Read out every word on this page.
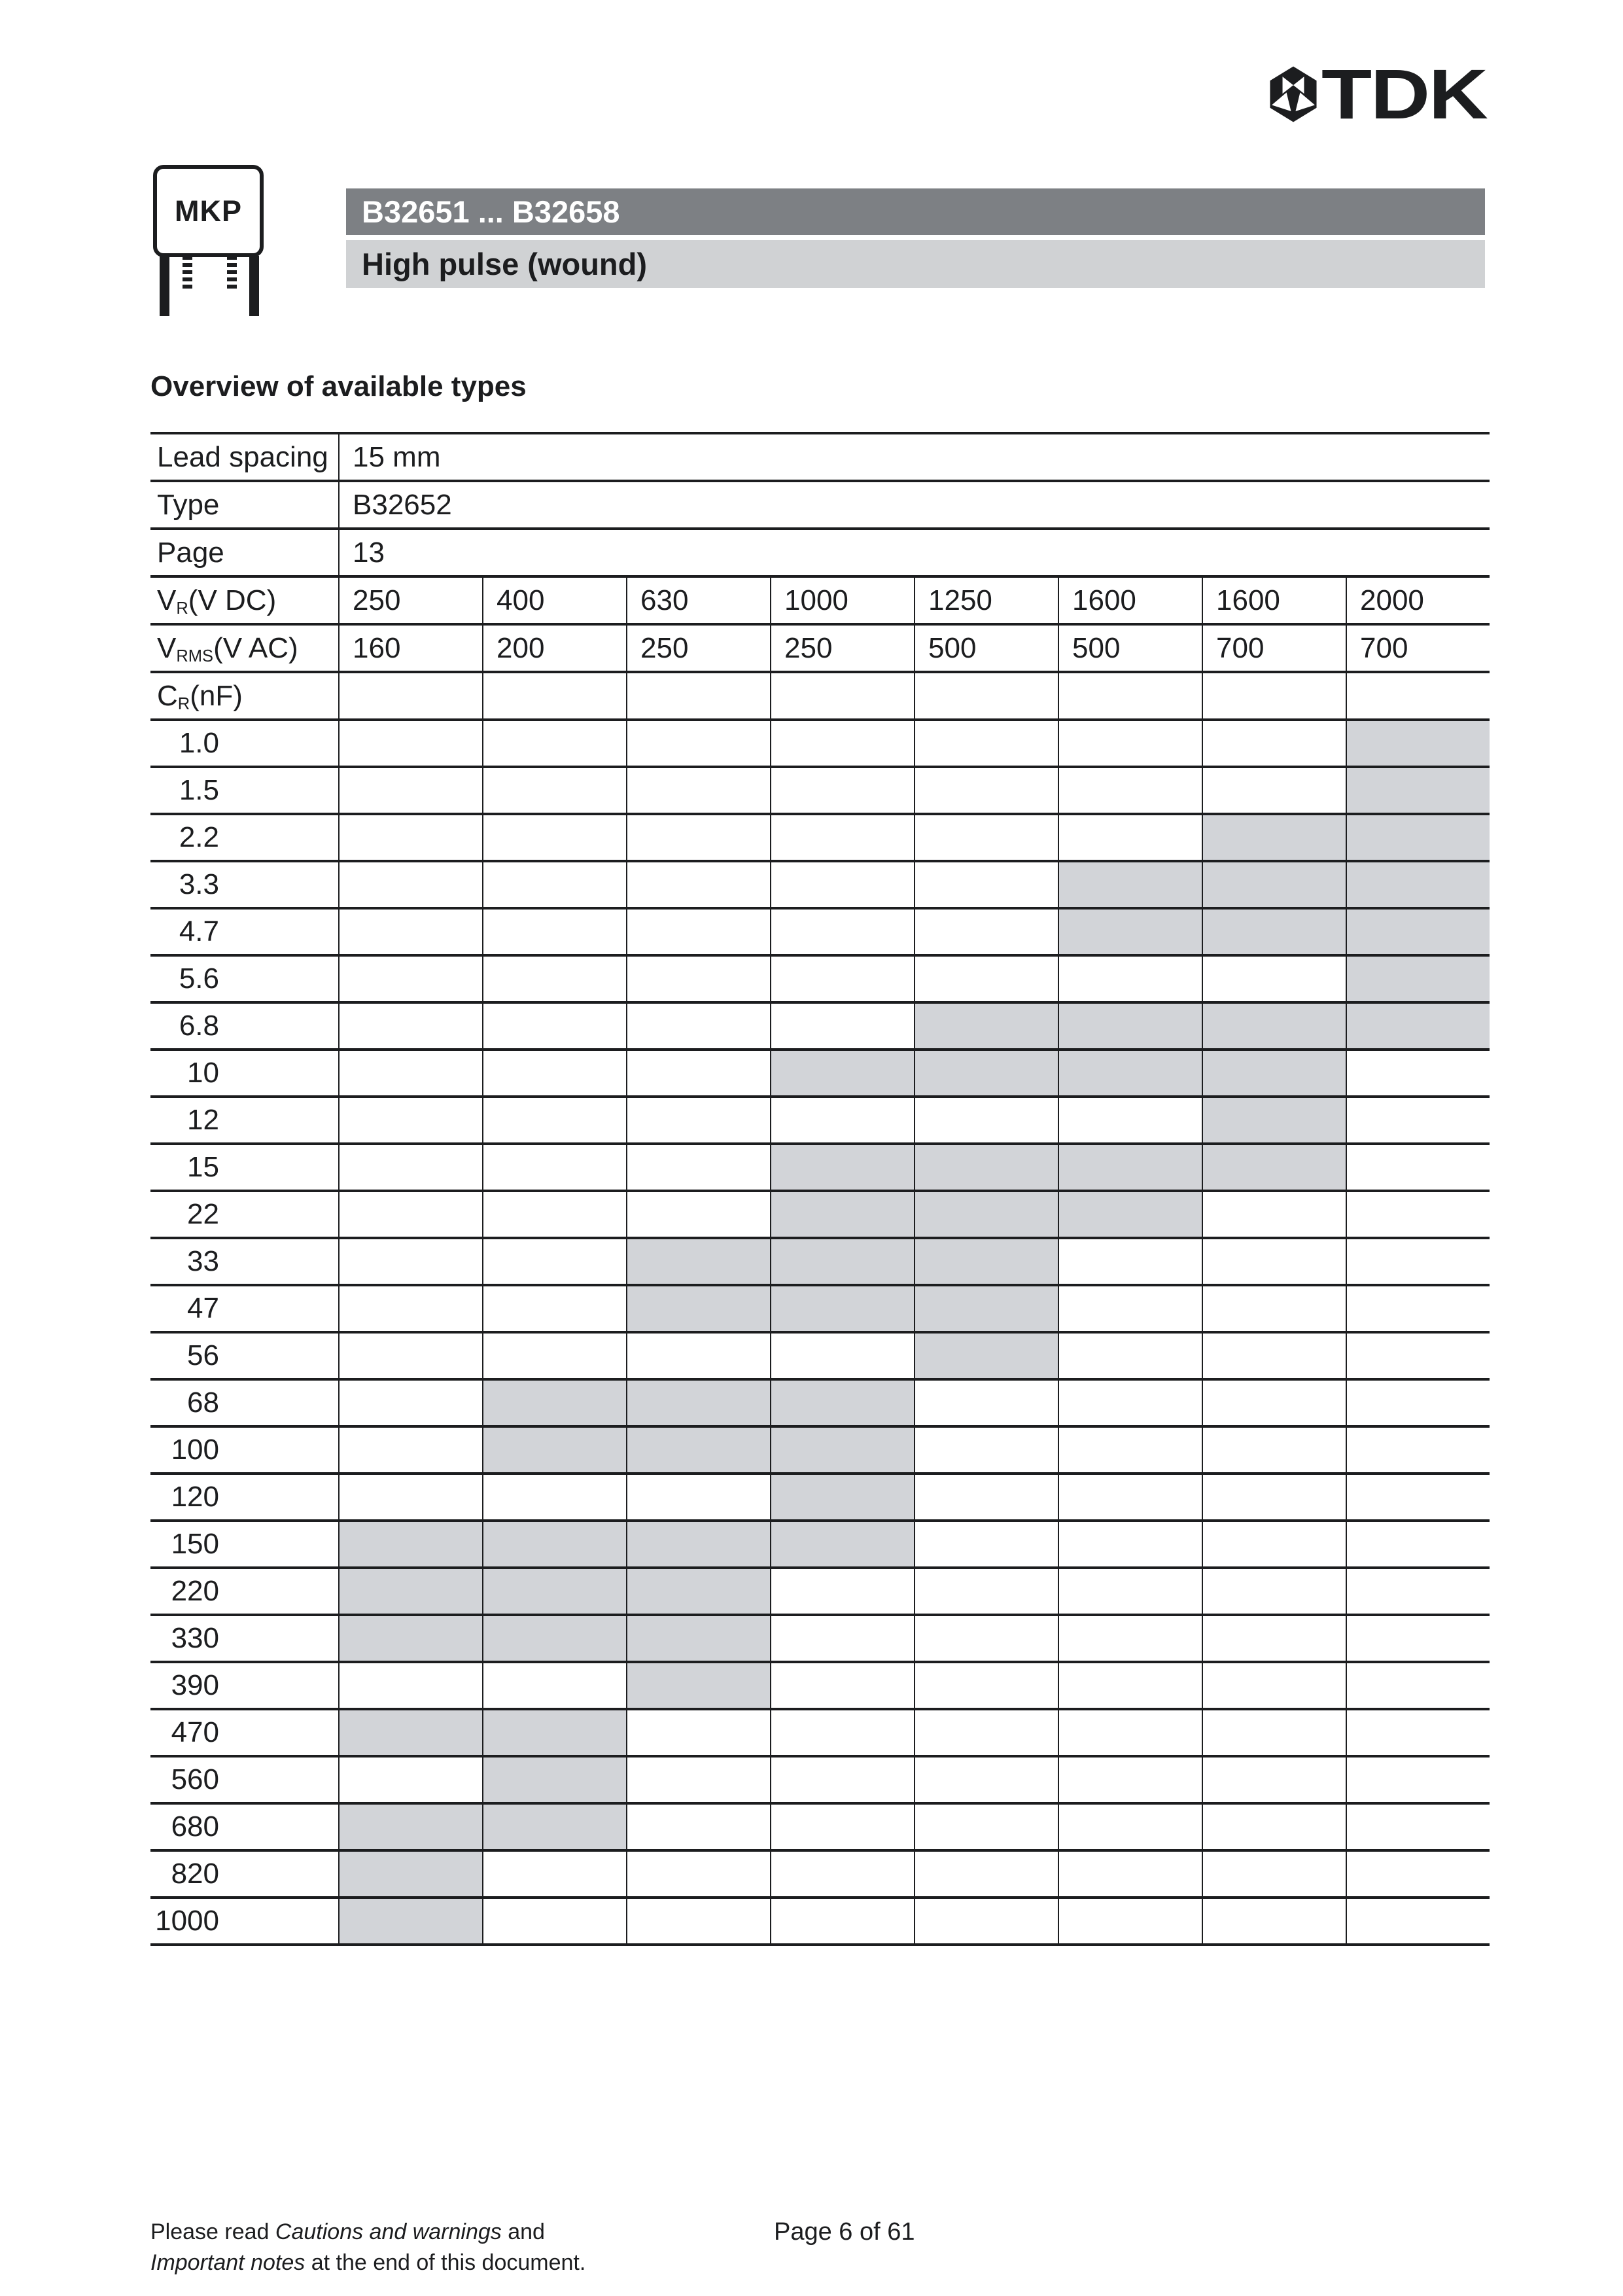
TDK
MKP	B32651 ... B32658
High pulse (wound)
Overview of available types
Lead spacing 15 mm
Type	B32652
Page	13
$V_R$ (V DC)	250	400	630	1000	1250	1600	1600	2000
$V_{RMS}$ (V AC)	160	200	250	250	500	500	700	700
$C_R$ (nF)
1.0
1.5
2.2
3.3
4.7
5.6
6.8
10
12
15
22
33
47
56
68
100
120
150
220
330
390
470
560
680
820
1000
Please read Cautions and warnings and
Important notes at the end of this document.
Page 6 of 61
